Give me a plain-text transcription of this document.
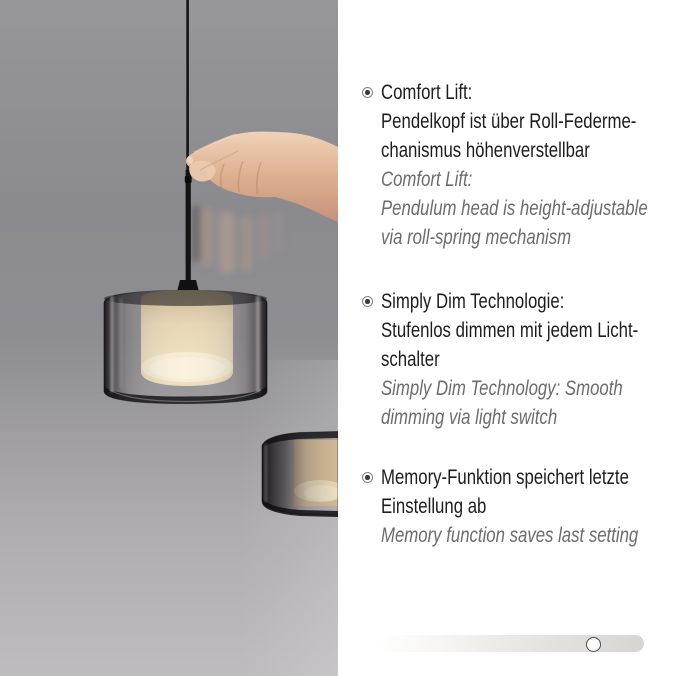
Comfort Lift:
Pendelkopf ist über Roll-Federme-
chanismus höhenverstellbar
Comfort Lift:
Pendulum head is height-adjustable
via roll-spring mechanism
Simply Dim Technologie:
Stufenlos dimmen mit jedem Licht-
schalter
Simply Dim Technology: Smooth
dimming via light switch
Memory-Funktion speichert letzte
Einstellung ab
Memory function saves last setting
